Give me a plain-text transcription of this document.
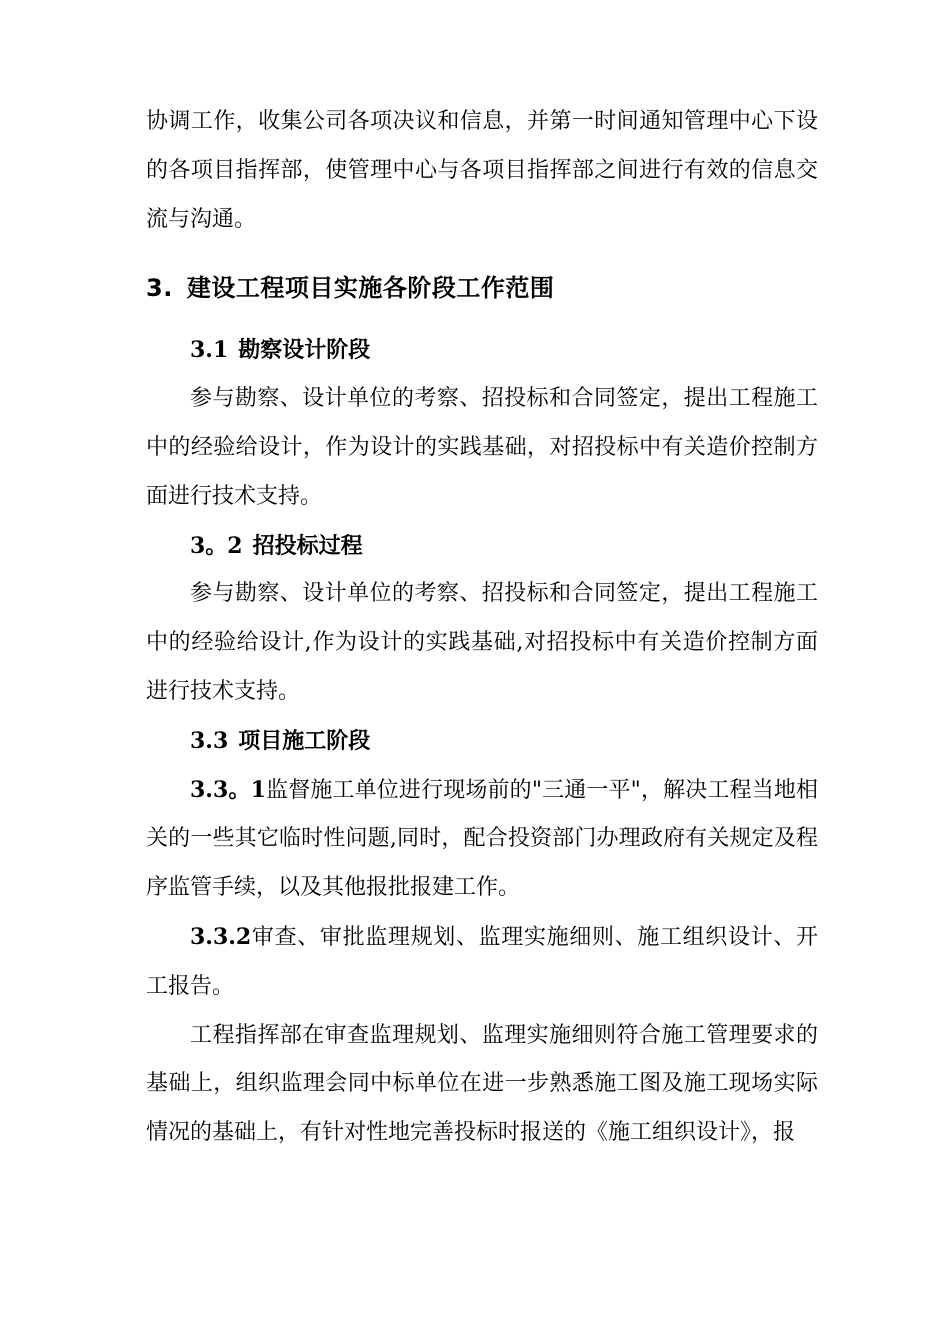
协调工作，收集公司各项决议和信息，并第一时间通知管理中心下设的各项目指挥部，使管理中心与各项目指挥部之间进行有效的信息交流与沟通。

3. 建设工程项目实施各阶段工作范围
3.1 勘察设计阶段

参与勘察、设计单位的考察、招投标和合同签定，提出工程施工中的经验给设计，作为设计的实践基础，对招投标中有关造价控制方面进行技术支持。

3。2 招投标过程

参与勘察、设计单位的考察、招投标和合同签定，提出工程施工中的经验给设计,作为设计的实践基础,对招投标中有关造价控制方面进行技术支持。

3.3 项目施工阶段

3.3。1监督施工单位进行现场前的"三通一平"，解决工程当地相关的一些其它临时性问题,同时，配合投资部门办理政府有关规定及程序监管手续，以及其他报批报建工作。

3.3.2审查、审批监理规划、监理实施细则、施工组织设计、开工报告。

工程指挥部在审查监理规划、监理实施细则符合施工管理要求的基础上，组织监理会同中标单位在进一步熟悉施工图及施工现场实际情况的基础上，有针对性地完善投标时报送的《施工组织设计》，报
